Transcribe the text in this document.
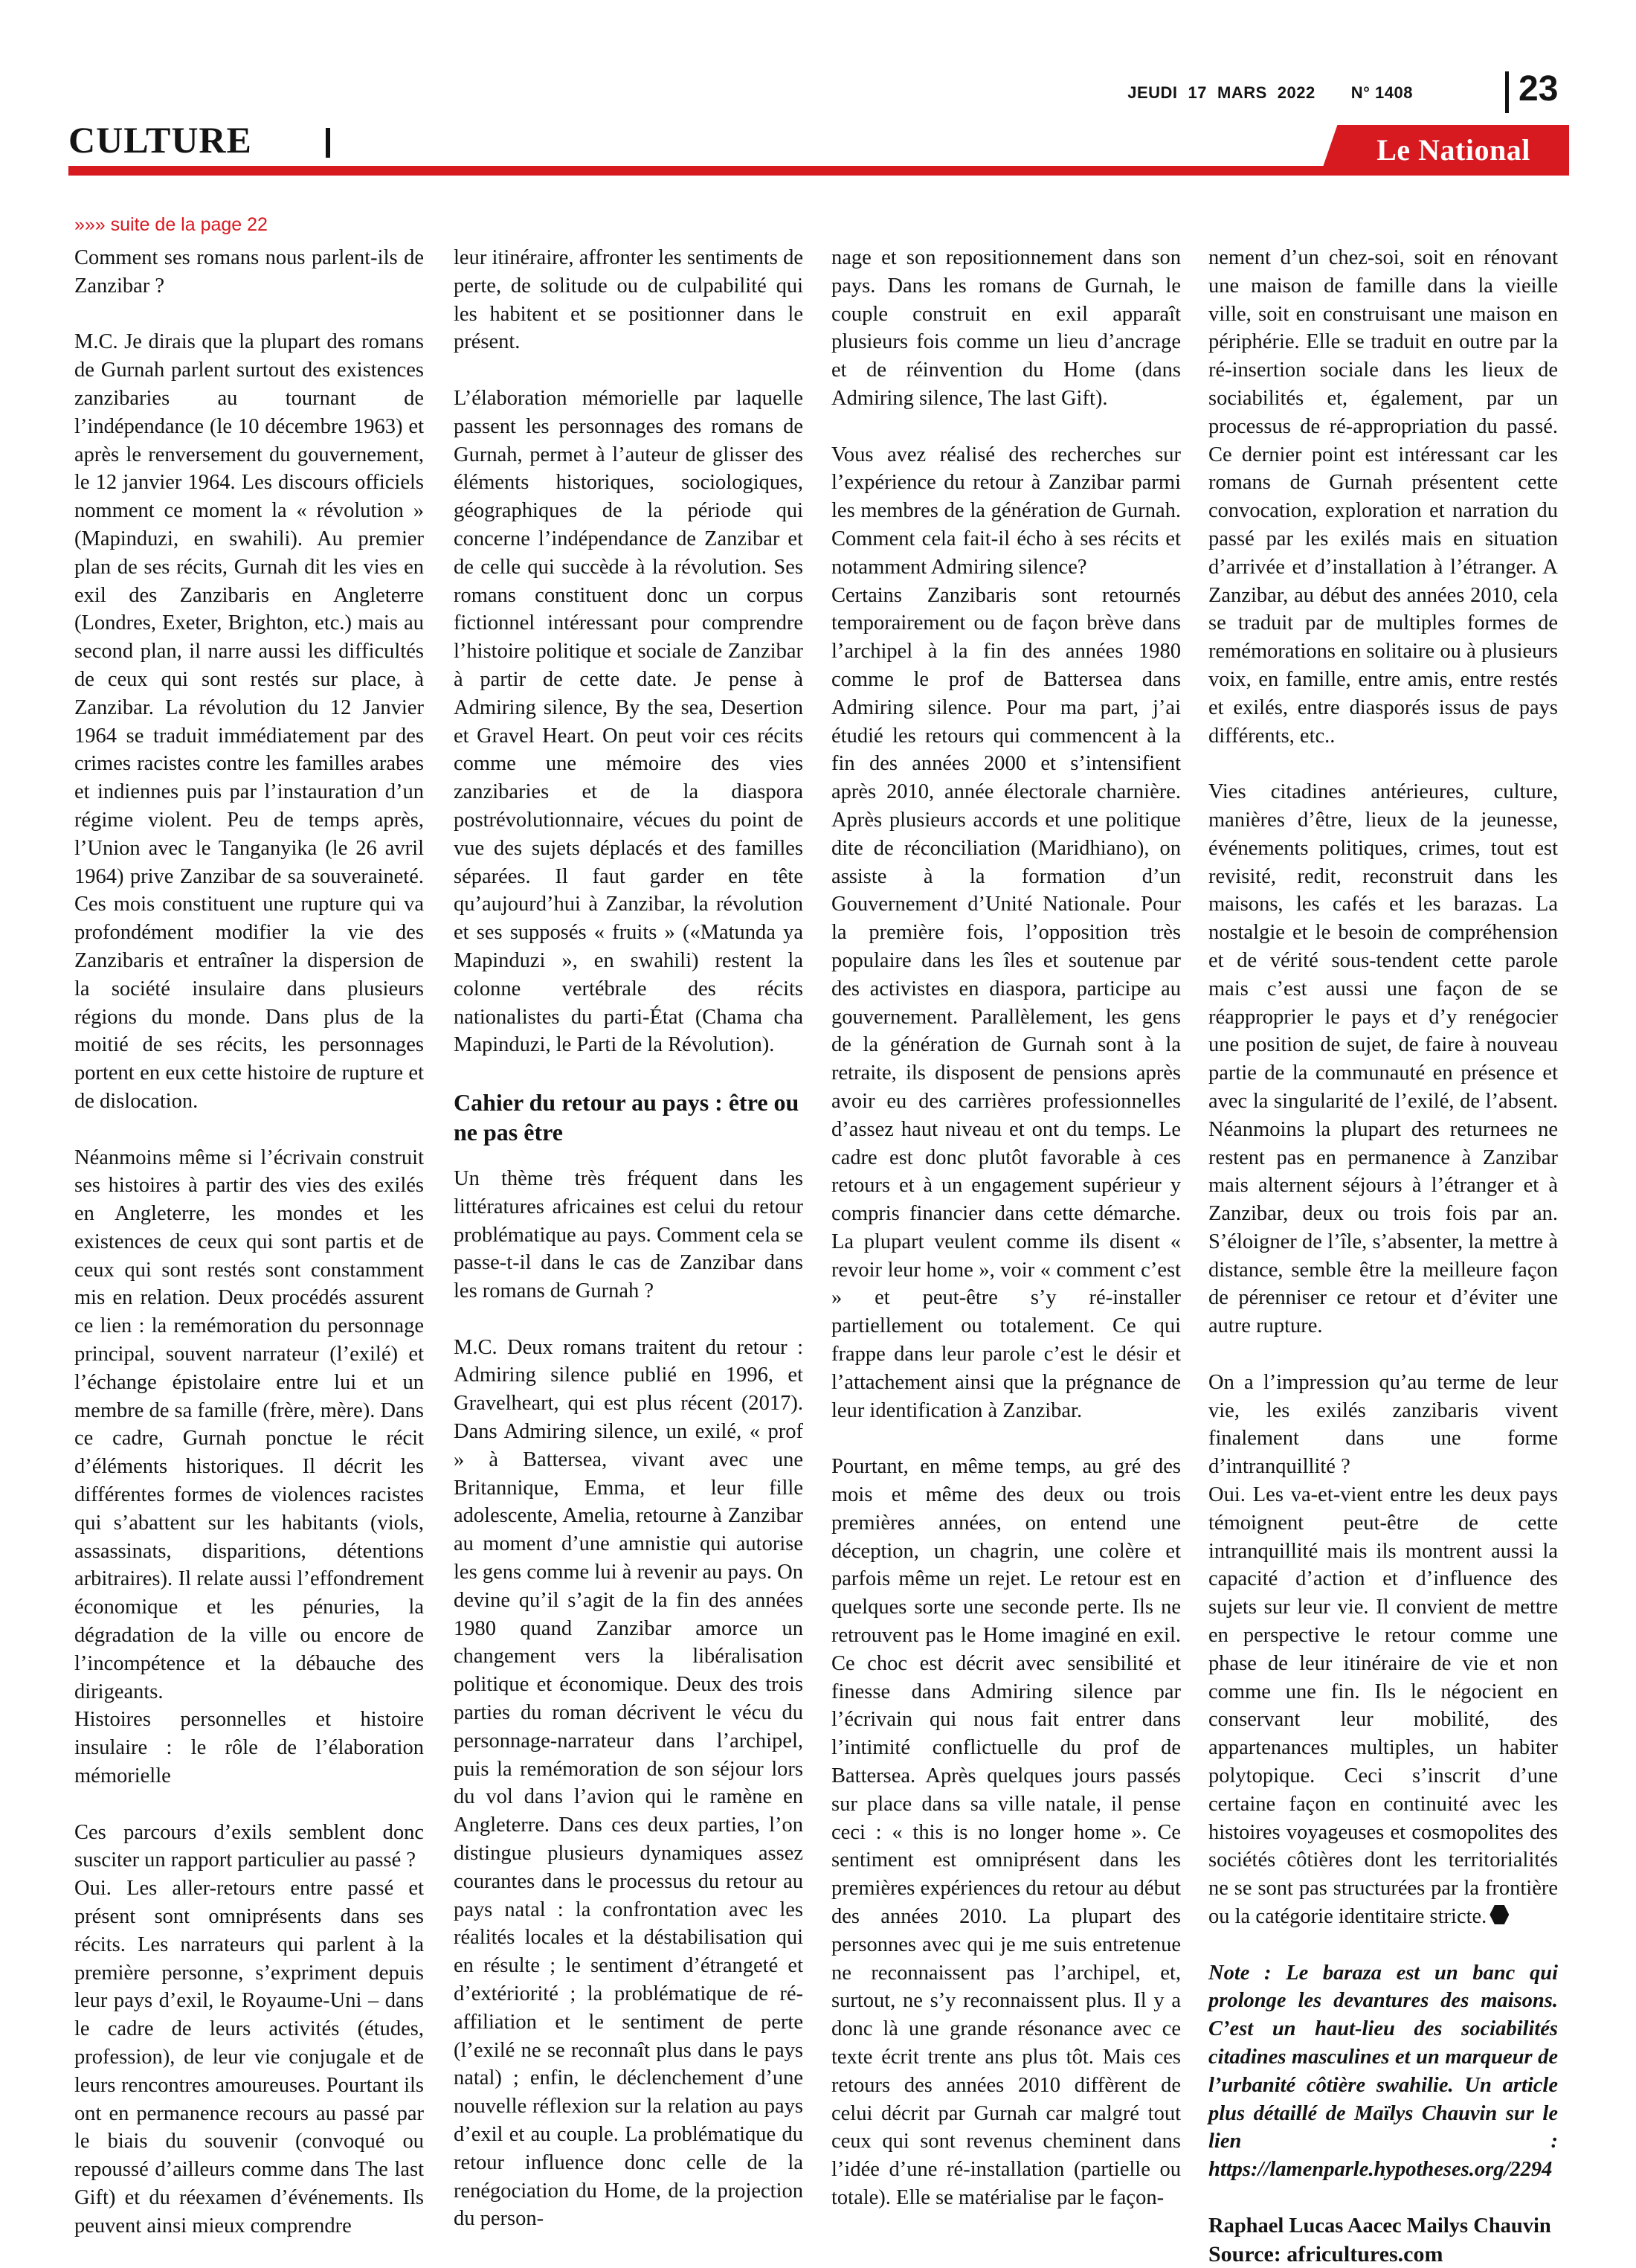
JEUDI 17 MARS 2022 N° 1408	23
CULTURE	Le National
»»» suite de la page 22

Comment ses romans nous parlent-ils de Zanzibar ?

M.C. Je dirais que la plupart des romans de Gurnah parlent surtout des existences zanzibaries au tournant de l’indépendance (le 10 décembre 1963) et après le renversement du gouvernement, le 12 janvier 1964. Les discours officiels nomment ce moment la « révolution » (Mapinduzi, en swahili). Au premier plan de ses récits, Gurnah dit les vies en exil des Zanzibaris en Angleterre (Londres, Exeter, Brighton, etc.) mais au second plan, il narre aussi les difficultés de ceux qui sont restés sur place, à Zanzibar. La révolution du 12 Janvier 1964 se traduit immédiatement par des crimes racistes contre les familles arabes et indiennes puis par l’instauration d’un régime violent. Peu de temps après, l’Union avec le Tanganyika (le 26 avril 1964) prive Zanzibar de sa souveraineté. Ces mois constituent une rupture qui va profondément modifier la vie des Zanzibaris et entraîner la dispersion de la société insulaire dans plusieurs régions du monde. Dans plus de la moitié de ses récits, les personnages portent en eux cette histoire de rupture et de dislocation.

Néanmoins même si l’écrivain construit ses histoires à partir des vies des exilés en Angleterre, les mondes et les existences de ceux qui sont partis et de ceux qui sont restés sont constamment mis en relation. Deux procédés assurent ce lien : la remémoration du personnage principal, souvent narrateur (l’exilé) et l’échange épistolaire entre lui et un membre de sa famille (frère, mère). Dans ce cadre, Gurnah ponctue le récit d’éléments historiques. Il décrit les différentes formes de violences racistes qui s’abattent sur les habitants (viols, assassinats, disparitions, détentions arbitraires). Il relate aussi l’effondrement économique et les pénuries, la dégradation de la ville ou encore de l’incompétence et la débauche des dirigeants.

Histoires personnelles et histoire insulaire : le rôle de l’élaboration mémorielle

Ces parcours d’exils semblent donc susciter un rapport particulier au passé ?

Oui. Les aller-retours entre passé et présent sont omniprésents dans ses récits. Les narrateurs qui parlent à la première personne, s’expriment depuis leur pays d’exil, le Royaume-Uni – dans le cadre de leurs activités (études, profession), de leur vie conjugale et de leurs rencontres amoureuses. Pourtant ils ont en permanence recours au passé par le biais du souvenir (convoqué ou repoussé d’ailleurs comme dans The last Gift) et du réexamen d’événements. Ils peuvent ainsi mieux comprendre

leur itinéraire, affronter les sentiments de perte, de solitude ou de culpabilité qui les habitent et se positionner dans le présent.

L’élaboration mémorielle par laquelle passent les personnages des romans de Gurnah, permet à l’auteur de glisser des éléments historiques, sociologiques, géographiques de la période qui concerne l’indépendance de Zanzibar et de celle qui succède à la révolution. Ses romans constituent donc un corpus fictionnel intéressant pour comprendre l’histoire politique et sociale de Zanzibar à partir de cette date. Je pense à Admiring silence, By the sea, Desertion et Gravel Heart. On peut voir ces récits comme une mémoire des vies zanzibaries et de la diaspora postrévolutionnaire, vécues du point de vue des sujets déplacés et des familles séparées. Il faut garder en tête qu’aujourd’hui à Zanzibar, la révolution et ses supposés « fruits » («Matunda ya Mapinduzi », en swahili) restent la colonne vertébrale des récits nationalistes du parti-État (Chama cha Mapinduzi, le Parti de la Révolution).

Cahier du retour au pays : être ou ne pas être

Un thème très fréquent dans les littératures africaines est celui du retour problématique au pays. Comment cela se passe-t-il dans le cas de Zanzibar dans les romans de Gurnah ?

M.C. Deux romans traitent du retour : Admiring silence publié en 1996, et Gravelheart, qui est plus récent (2017). Dans Admiring silence, un exilé, « prof » à Battersea, vivant avec une Britannique, Emma, et leur fille adolescente, Amelia, retourne à Zanzibar au moment d’une amnistie qui autorise les gens comme lui à revenir au pays. On devine qu’il s’agit de la fin des années 1980 quand Zanzibar amorce un changement vers la libéralisation politique et économique. Deux des trois parties du roman décrivent le vécu du personnage-narrateur dans l’archipel, puis la remémoration de son séjour lors du vol dans l’avion qui le ramène en Angleterre. Dans ces deux parties, l’on distingue plusieurs dynamiques assez courantes dans le processus du retour au pays natal : la confrontation avec les réalités locales et la déstabilisation qui en résulte ; le sentiment d’étrangeté et d’extériorité ; la problématique de ré-affiliation et le sentiment de perte (l’exilé ne se reconnaît plus dans le pays natal) ; enfin, le déclenchement d’une nouvelle réflexion sur la relation au pays d’exil et au couple. La problématique du retour influence donc celle de la renégociation du Home, de la projection du person-

nage et son repositionnement dans son pays. Dans les romans de Gurnah, le couple construit en exil apparaît plusieurs fois comme un lieu d’ancrage et de réinvention du Home (dans Admiring silence, The last Gift).

Vous avez réalisé des recherches sur l’expérience du retour à Zanzibar parmi les membres de la génération de Gurnah. Comment cela fait-il écho à ses récits et notamment Admiring silence?

Certains Zanzibaris sont retournés temporairement ou de façon brève dans l’archipel à la fin des années 1980 comme le prof de Battersea dans Admiring silence. Pour ma part, j’ai étudié les retours qui commencent à la fin des années 2000 et s’intensifient après 2010, année électorale charnière. Après plusieurs accords et une politique dite de réconciliation (Maridhiano), on assiste à la formation d’un Gouvernement d’Unité Nationale. Pour la première fois, l’opposition très populaire dans les îles et soutenue par des activistes en diaspora, participe au gouvernement. Parallèlement, les gens de la génération de Gurnah sont à la retraite, ils disposent de pensions après avoir eu des carrières professionnelles d’assez haut niveau et ont du temps. Le cadre est donc plutôt favorable à ces retours et à un engagement supérieur y compris financier dans cette démarche. La plupart veulent comme ils disent « revoir leur home », voir « comment c’est » et peut-être s’y ré-installer partiellement ou totalement. Ce qui frappe dans leur parole c’est le désir et l’attachement ainsi que la prégnance de leur identification à Zanzibar.

Pourtant, en même temps, au gré des mois et même des deux ou trois premières années, on entend une déception, un chagrin, une colère et parfois même un rejet. Le retour est en quelques sorte une seconde perte. Ils ne retrouvent pas le Home imaginé en exil. Ce choc est décrit avec sensibilité et finesse dans Admiring silence par l’écrivain qui nous fait entrer dans l’intimité conflictuelle du prof de Battersea. Après quelques jours passés sur place dans sa ville natale, il pense ceci : « this is no longer home ». Ce sentiment est omniprésent dans les premières expériences du retour au début des années 2010. La plupart des personnes avec qui je me suis entretenue ne reconnaissent pas l’archipel, et, surtout, ne s’y reconnaissent plus. Il y a donc là une grande résonance avec ce texte écrit trente ans plus tôt. Mais ces retours des années 2010 diffèrent de celui décrit par Gurnah car malgré tout ceux qui sont revenus cheminent dans l’idée d’une ré-installation (partielle ou totale). Elle se matérialise par le façon-

nement d’un chez-soi, soit en rénovant une maison de famille dans la vieille ville, soit en construisant une maison en périphérie. Elle se traduit en outre par la ré-insertion sociale dans les lieux de sociabilités et, également, par un processus de ré-appropriation du passé. Ce dernier point est intéressant car les romans de Gurnah présentent cette convocation, exploration et narration du passé par les exilés mais en situation d’arrivée et d’installation à l’étranger. A Zanzibar, au début des années 2010, cela se traduit par de multiples formes de remémorations en solitaire ou à plusieurs voix, en famille, entre amis, entre restés et exilés, entre diasporés issus de pays différents, etc..

Vies citadines antérieures, culture, manières d’être, lieux de la jeunesse, événements politiques, crimes, tout est revisité, redit, reconstruit dans les maisons, les cafés et les barazas. La nostalgie et le besoin de compréhension et de vérité sous-tendent cette parole mais c’est aussi une façon de se réapproprier le pays et d’y renégocier une position de sujet, de faire à nouveau partie de la communauté en présence et avec la singularité de l’exilé, de l’absent. Néanmoins la plupart des returnees ne restent pas en permanence à Zanzibar mais alternent séjours à l’étranger et à Zanzibar, deux ou trois fois par an. S’éloigner de l’île, s’absenter, la mettre à distance, semble être la meilleure façon de pérenniser ce retour et d’éviter une autre rupture.

On a l’impression qu’au terme de leur vie, les exilés zanzibaris vivent finalement dans une forme d’intranquillité ?

Oui. Les va-et-vient entre les deux pays témoignent peut-être de cette intranquillité mais ils montrent aussi la capacité d’action et d’influence des sujets sur leur vie. Il convient de mettre en perspective le retour comme une phase de leur itinéraire de vie et non comme une fin. Ils le négocient en conservant leur mobilité, des appartenances multiples, un habiter polytopique. Ceci s’inscrit d’une certaine façon en continuité avec les histoires voyageuses et cosmopolites des sociétés côtières dont les territorialités ne se sont pas structurées par la frontière ou la catégorie identitaire stricte.

Note : Le baraza est un banc qui prolonge les devantures des maisons. C’est un haut-lieu des sociabilités citadines masculines et un marqueur de l’urbanité côtière swahilie. Un article plus détaillé de Maïlys Chauvin sur le lien : https://lamenparle.hypotheses.org/2294

Raphael Lucas Aacec Mailys Chauvin
Source: africultures.com
